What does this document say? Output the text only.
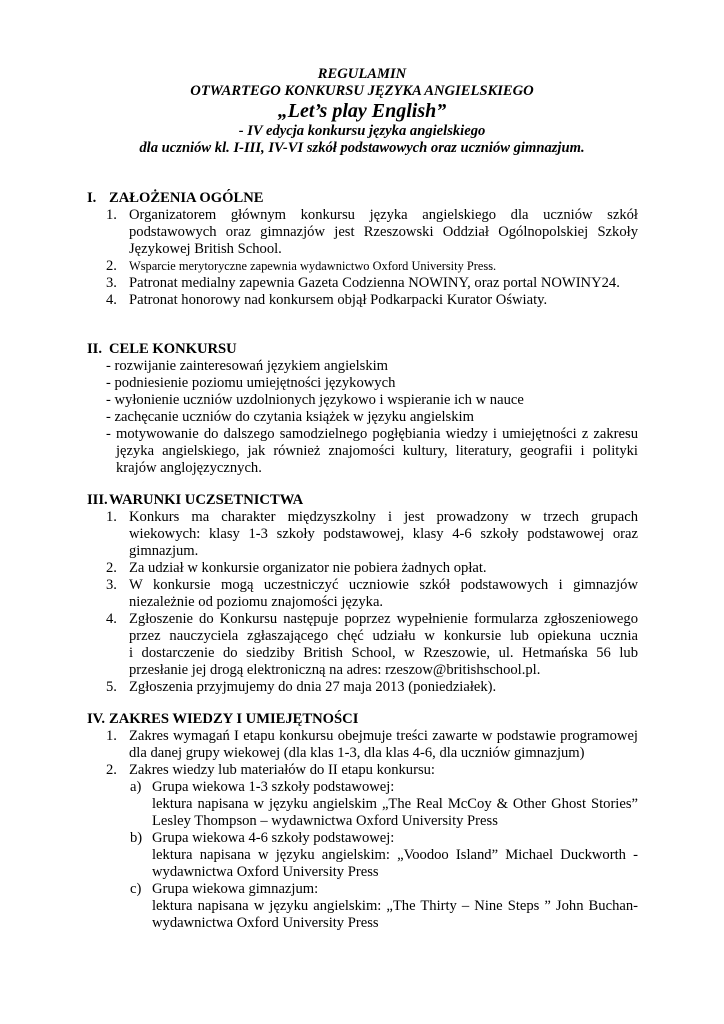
REGULAMIN
OTWARTEGO KONKURSU JĘZYKA ANGIELSKIEGO
„Let’s play English”
- IV edycja konkursu języka angielskiego
dla uczniów kl. I-III, IV-VI szkół podstawowych oraz uczniów gimnazjum.
I. ZAŁOŻENIA OGÓLNE
1. Organizatorem głównym konkursu języka angielskiego dla uczniów szkół
podstawowych oraz gimnazjów jest Rzeszowski Oddział Ogólnopolskiej Szkoły
Językowej British School.
2. Wsparcie merytoryczne zapewnia wydawnictwo Oxford University Press.
3. Patronat medialny zapewnia Gazeta Codzienna NOWINY, oraz portal NOWINY24.
4. Patronat honorowy nad konkursem objął Podkarpacki Kurator Oświaty.
II. CELE KONKURSU
- rozwijanie zainteresowań językiem angielskim
- podniesienie poziomu umiejętności językowych
- wyłonienie uczniów uzdolnionych językowo i wspieranie ich w nauce
- zachęcanie uczniów do czytania książek w języku angielskim
- motywowanie do dalszego samodzielnego pogłębiania wiedzy i umiejętności z zakresu
języka angielskiego, jak również znajomości kultury, literatury, geografii i polityki
krajów anglojęzycznych.
III.WARUNKI UCZSETNICTWA
1. Konkurs ma charakter międzyszkolny i jest prowadzony w trzech grupach
wiekowych: klasy 1-3 szkoły podstawowej, klasy 4-6 szkoły podstawowej oraz
gimnazjum.
2. Za udział w konkursie organizator nie pobiera żadnych opłat.
3. W konkursie mogą uczestniczyć uczniowie szkół podstawowych i gimnazjów
niezależnie od poziomu znajomości języka.
4. Zgłoszenie do Konkursu następuje poprzez wypełnienie formularza zgłoszeniowego
przez nauczyciela zgłaszającego chęć udziału w konkursie lub opiekuna ucznia
i dostarczenie do siedziby British School, w Rzeszowie, ul. Hetmańska 56 lub
przesłanie jej drogą elektroniczną na adres: rzeszow@britishschool.pl.
5. Zgłoszenia przyjmujemy do dnia 27 maja 2013 (poniedziałek).
IV. ZAKRES WIEDZY I UMIEJĘTNOŚCI
1. Zakres wymagań I etapu konkursu obejmuje treści zawarte w podstawie programowej
dla danej grupy wiekowej (dla klas 1-3, dla klas 4-6, dla uczniów gimnazjum)
2. Zakres wiedzy lub materiałów do II etapu konkursu:
a) Grupa wiekowa 1-3 szkoły podstawowej:
lektura napisana w języku angielskim „The Real McCoy & Other Ghost Stories”
Lesley Thompson – wydawnictwa Oxford University Press
b) Grupa wiekowa 4-6 szkoły podstawowej:
lektura napisana w języku angielskim: „Voodoo Island” Michael Duckworth -
wydawnictwa Oxford University Press
c) Grupa wiekowa gimnazjum:
lektura napisana w języku angielskim: „The Thirty – Nine Steps ” John Buchan-
wydawnictwa Oxford University Press
